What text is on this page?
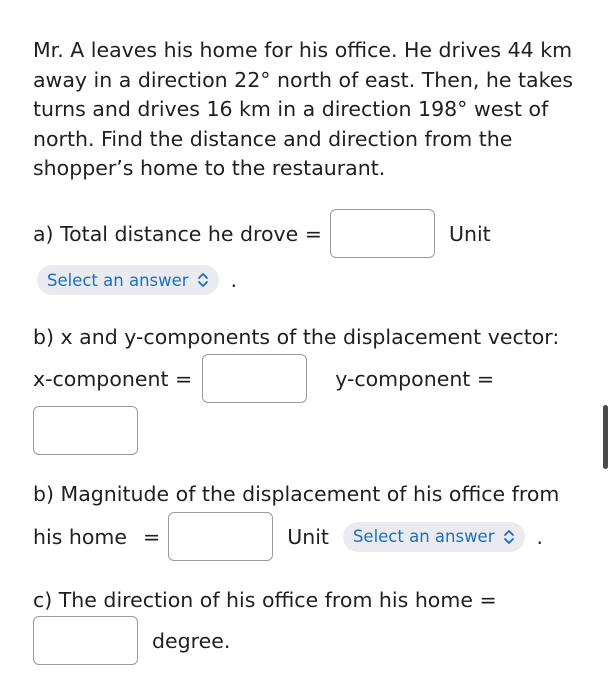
Mr. A leaves his home for his office. He drives 44 km
away in a direction 22° north of east. Then, he takes
turns and drives 16 km in a direction 198° west of
north. Find the distance and direction from the
shopper’s home to the restaurant.

a) Total distance he drove =	Unit
Select an answer .
b) x and y-components of the displacement vector:
x-component =	y-component =
b) Magnitude of the displacement of his office from
his home =	Unit Select an answer .
c) The direction of his office from his home =
degree.
